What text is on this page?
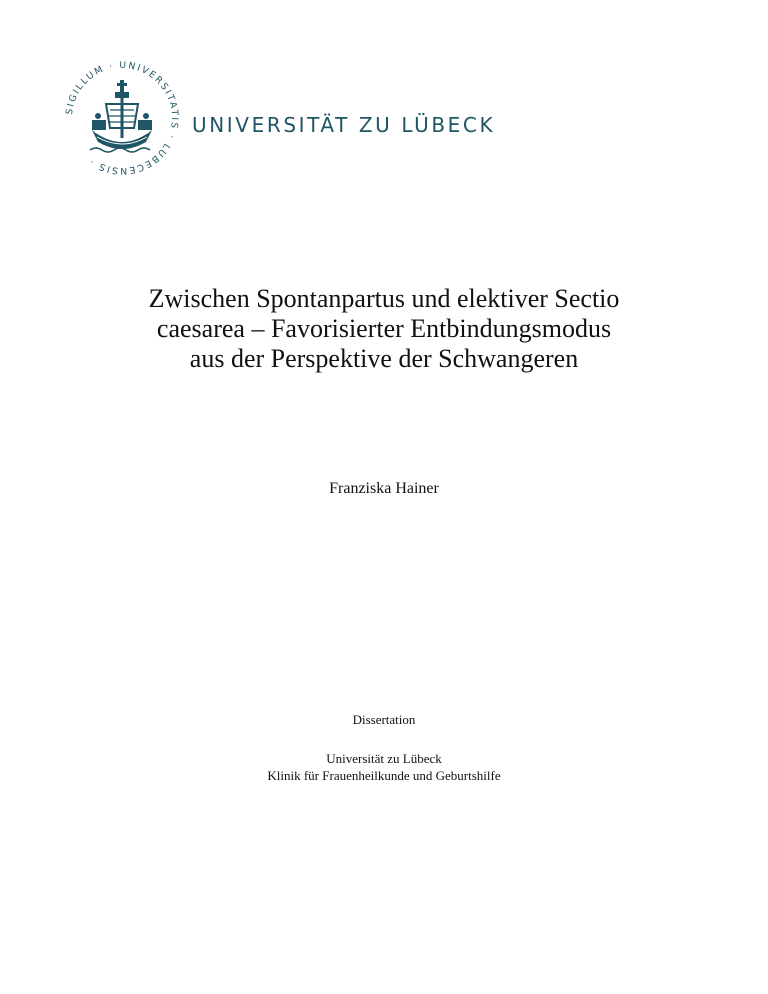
SIGILLUM · UNIVERSITATIS · LUBECENSIS ·
UNIVERSITÄT ZU LÜBECK
Zwischen Spontanpartus und elektiver Sectio
caesarea – Favorisierter Entbindungsmodus
aus der Perspektive der Schwangeren
Franziska Hainer
Dissertation
Universität zu Lübeck
Klinik für Frauenheilkunde und Geburtshilfe
